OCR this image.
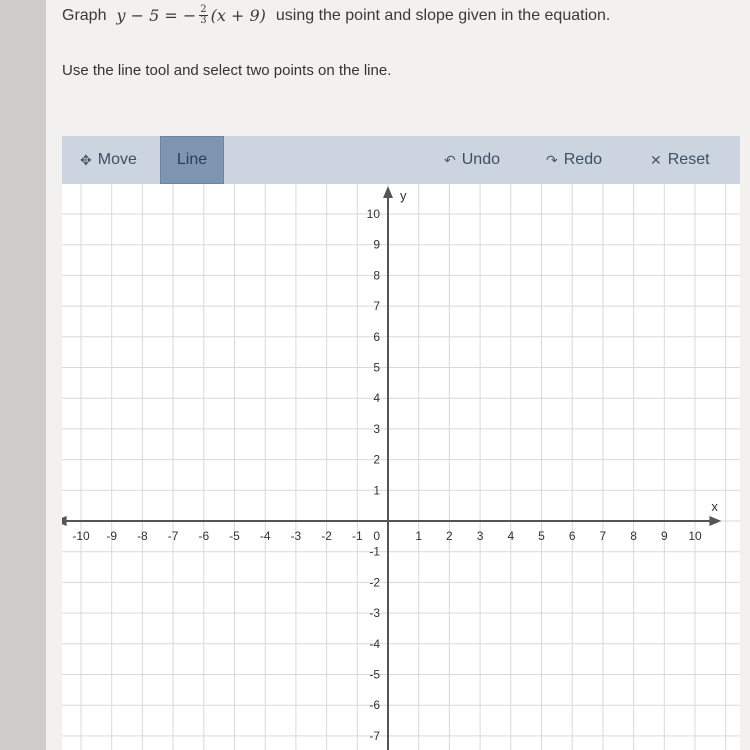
Graph y − 5 = − $\frac{2}{3} (x + 9)$ using the point and slope given in the equation.
Use the line tool and select two points on the line.
✥ Move	Line	↶ Undo	↷ Redo	✕ Reset
x
y
-10 -9 -8 -7 -6 -5 -4 -3 -2 -1	1 2 3 4 5 6 7 8 9 10
10
9
8
7
6
5
4
3
2
1
-1
-2
-3
-4
-5
-6
-7
0
